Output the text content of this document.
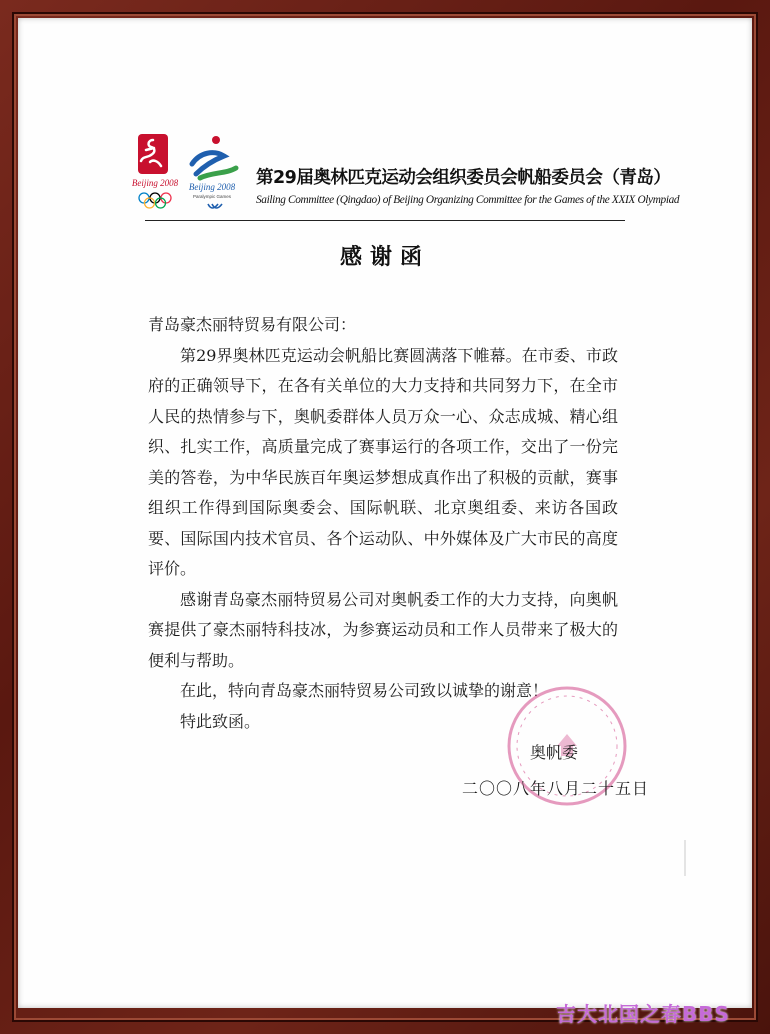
Beijing 2008 Beijing 2008
Paralympic Games
第29届奥林匹克运动会组织委员会帆船委员会（青岛）
Sailing Committee (Qingdao) of Beijing Organizing Committee for the Games of the XXIX Olympiad
感谢函

青岛豪杰丽特贸易有限公司：

第29界奥林匹克运动会帆船比赛圆满落下帷幕。在市委、市政府的正确领导下，在各有关单位的大力支持和共同努力下，在全市人民的热情参与下，奥帆委群体人员万众一心、众志成城、精心组织、扎实工作，高质量完成了赛事运行的各项工作，交出了一份完美的答卷，为中华民族百年奥运梦想成真作出了积极的贡献，赛事组织工作得到国际奥委会、国际帆联、北京奥组委、来访各国政要、国际国内技术官员、各个运动队、中外媒体及广大市民的高度评价。

感谢青岛豪杰丽特贸易公司对奥帆委工作的大力支持，向奥帆赛提供了豪杰丽特科技冰，为参赛运动员和工作人员带来了极大的便利与帮助。

在此，特向青岛豪杰丽特贸易公司致以诚挚的谢意！

特此致函。

奥帆委
二〇〇八年八月二十五日
吉大北国之春BBS
